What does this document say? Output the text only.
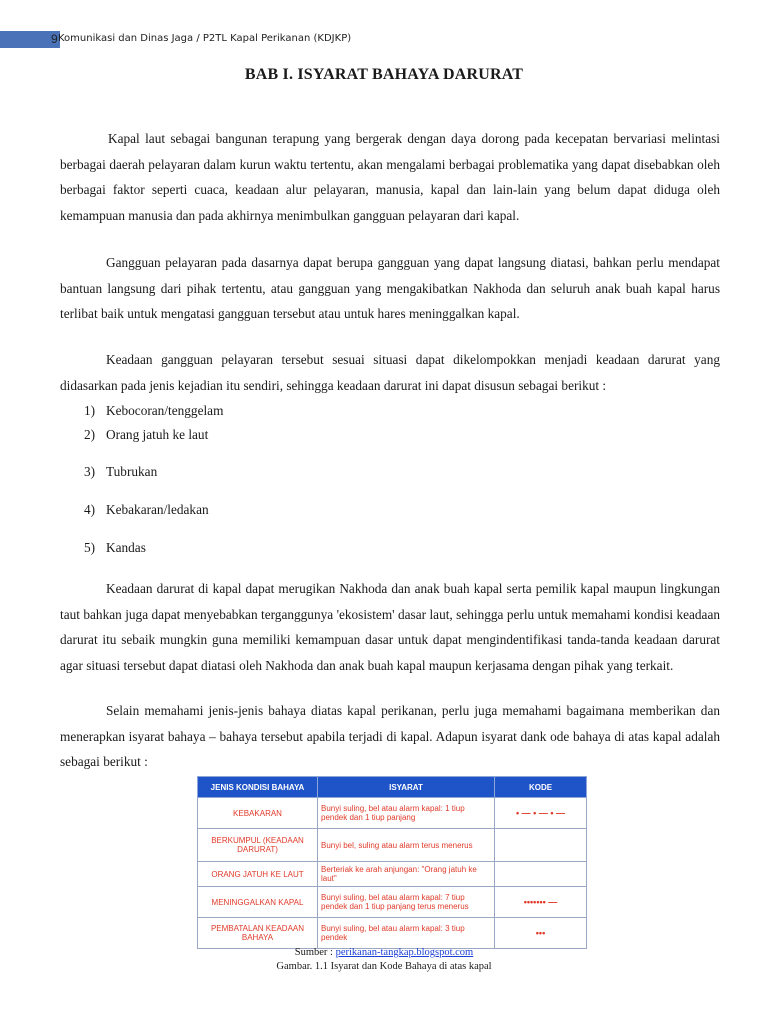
9 Komunikasi dan Dinas Jaga / P2TL Kapal Perikanan (KDJKP)
BAB I. ISYARAT BAHAYA DARURAT

Kapal laut sebagai bangunan terapung yang bergerak dengan daya dorong pada kecepatan bervariasi melintasi berbagai daerah pelayaran dalam kurun waktu tertentu, akan mengalami berbagai problematika yang dapat disebabkan oleh berbagai faktor seperti cuaca, keadaan alur pelayaran, manusia, kapal dan lain-lain yang belum dapat diduga oleh kemampuan manusia dan pada akhirnya menimbulkan gangguan pelayaran dari kapal.

Gangguan pelayaran pada dasarnya dapat berupa gangguan yang dapat langsung diatasi, bahkan perlu mendapat bantuan langsung dari pihak tertentu, atau gangguan yang mengakibatkan Nakhoda dan seluruh anak buah kapal harus terlibat baik untuk mengatasi gangguan tersebut atau untuk hares meninggalkan kapal.

Keadaan gangguan pelayaran tersebut sesuai situasi dapat dikelompokkan menjadi keadaan darurat yang didasarkan pada jenis kejadian itu sendiri, sehingga keadaan darurat ini dapat disusun sebagai berikut :

1) Kebocoran/tenggelam
2) Orang jatuh ke laut
3) Tubrukan
4) Kebakaran/ledakan
5) Kandas

Keadaan darurat di kapal dapat merugikan Nakhoda dan anak buah kapal serta pemilik kapal maupun lingkungan taut bahkan juga dapat menyebabkan terganggunya 'ekosistem' dasar laut, sehingga perlu untuk memahami kondisi keadaan darurat itu sebaik mungkin guna memiliki kemampuan dasar untuk dapat mengindentifikasi tanda-tanda keadaan darurat agar situasi tersebut dapat diatasi oleh Nakhoda dan anak buah kapal maupun kerjasama dengan pihak yang terkait.

Selain memahami jenis-jenis bahaya diatas kapal perikanan, perlu juga memahami bagaimana memberikan dan menerapkan isyarat bahaya – bahaya tersebut apabila terjadi di kapal. Adapun isyarat dank ode bahaya di atas kapal adalah sebagai berikut :

JENIS KONDISI BAHAYA	ISYARAT	KODE
KEBAKARAN	Bunyi suling, bel atau alarm kapal: 1 tiup pendek dan 1 tiup panjang	• — • — • —
BERKUMPUL (KEADAAN DARURAT)	Bunyi bel, suling atau alarm terus menerus	
ORANG JATUH KE LAUT	Berteriak ke arah anjungan: "Orang jatuh ke laut"	
MENINGGALKAN KAPAL	Bunyi suling, bel atau alarm kapal: 7 tiup pendek dan 1 tiup panjang terus menerus	••••••• —
PEMBATALAN KEADAAN BAHAYA	Bunyi suling, bel atau alarm kapal: 3 tiup pendek	•••
Sumber : perikanan-tangkap.blogspot.com
Gambar. 1.1 Isyarat dan Kode Bahaya di atas kapal
